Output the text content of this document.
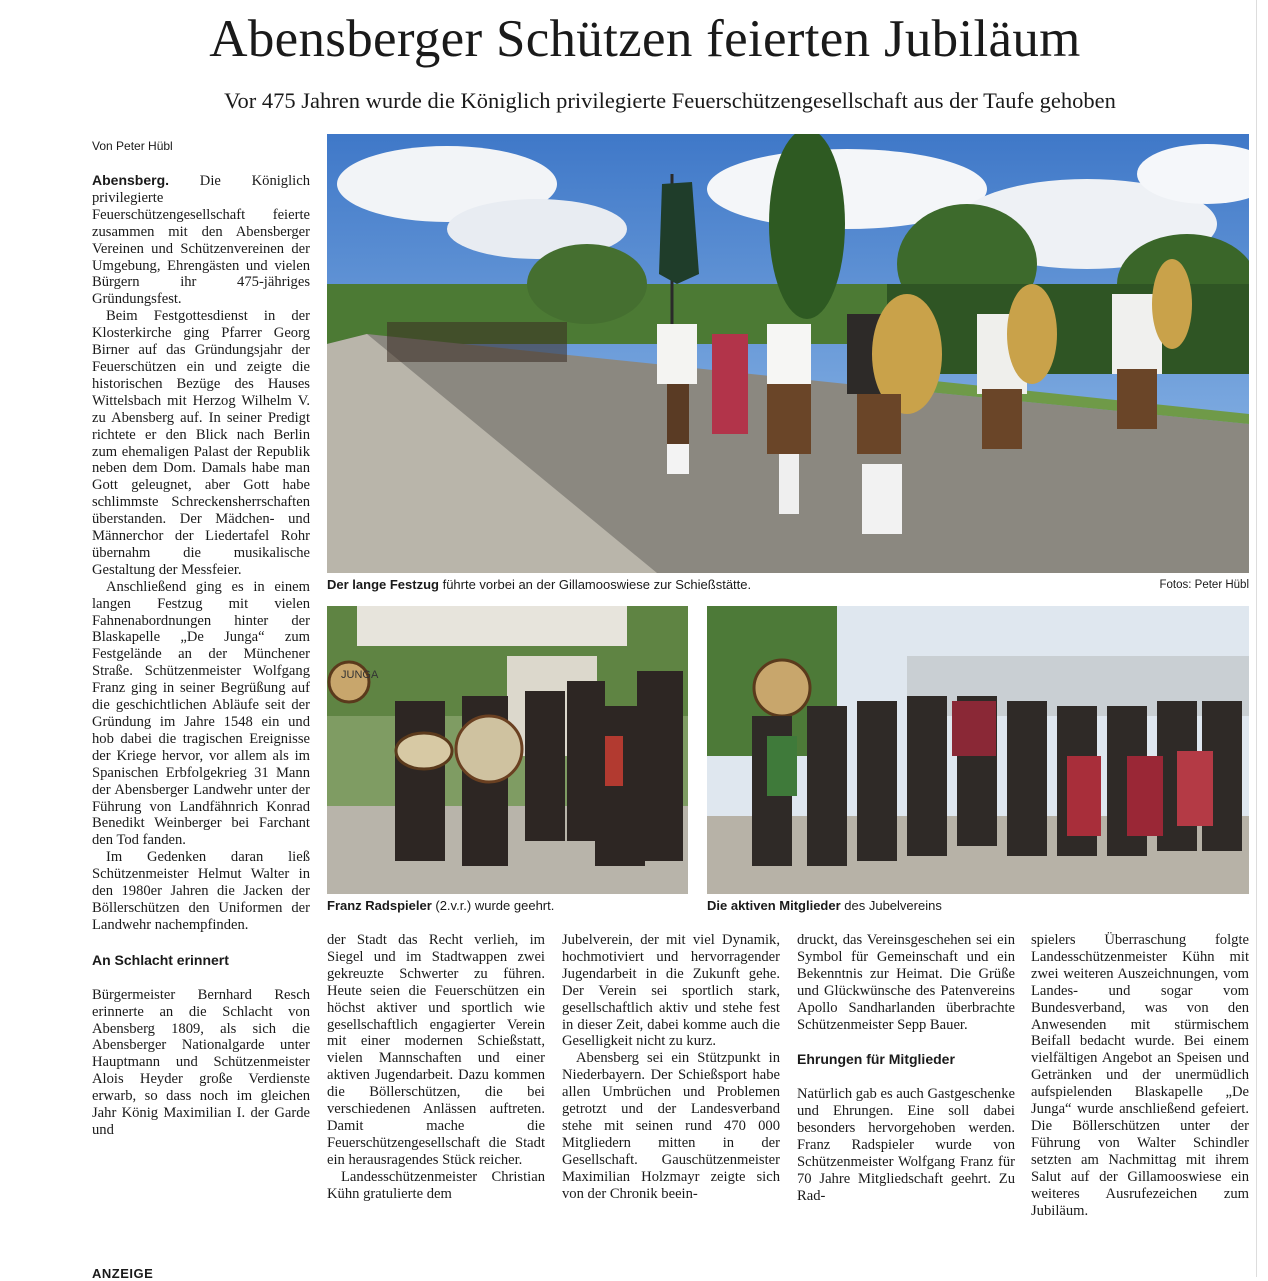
Abensberger Schützen feierten Jubiläum
Vor 475 Jahren wurde die Königlich privilegierte Feuerschützengesellschaft aus der Taufe gehoben
Von Peter Hübl
Der lange Festzug führte vorbei an der Gillamooswiese zur Schießstätte.	Fotos: Peter Hübl
JUNGA
Franz Radspieler (2.v.r.) wurde geehrt.	Die aktiven Mitglieder des Jubelvereins

Abensberg. Die Königlich privilegierte Feuerschützengesellschaft feierte zusammen mit den Abensberger Vereinen und Schützenvereinen der Umgebung, Ehrengästen und vielen Bürgern ihr 475-jähriges Gründungsfest.

Beim Festgottesdienst in der Klosterkirche ging Pfarrer Georg Birner auf das Gründungsjahr der Feuerschützen ein und zeigte die historischen Bezüge des Hauses Wittelsbach mit Herzog Wilhelm V. zu Abensberg auf. In seiner Predigt richtete er den Blick nach Berlin zum ehemaligen Palast der Republik neben dem Dom. Damals habe man Gott geleugnet, aber Gott habe schlimmste Schreckensherrschaften überstanden. Der Mädchen- und Männerchor der Liedertafel Rohr übernahm die musikalische Gestaltung der Messfeier.

Anschließend ging es in einem langen Festzug mit vielen Fahnenabordnungen hinter der Blaskapelle „De Junga“ zum Festgelände an der Münchener Straße. Schützenmeister Wolfgang Franz ging in seiner Begrüßung auf die geschichtlichen Abläufe seit der Gründung im Jahre 1548 ein und hob dabei die tragischen Ereignisse der Kriege hervor, vor allem als im Spanischen Erbfolgekrieg 31 Mann der Abensberger Landwehr unter der Führung von Landfähnrich Konrad Benedikt Weinberger bei Farchant den Tod fanden.

Im Gedenken daran ließ Schützenmeister Helmut Walter in den 1980er Jahren die Jacken der Böllerschützen den Uniformen der Landwehr nachempfinden.

An Schlacht erinnert

Bürgermeister Bernhard Resch erinnerte an die Schlacht von Abensberg 1809, als sich die Abensberger Nationalgarde unter Hauptmann und Schützenmeister Alois Heyder große Verdienste erwarb, so dass noch im gleichen Jahr König Maximilian I. der Garde und

der Stadt das Recht verlieh, im Siegel und im Stadtwappen zwei gekreuzte Schwerter zu führen. Heute seien die Feuerschützen ein höchst aktiver und sportlich wie gesellschaftlich engagierter Verein mit einer modernen Schießstatt, vielen Mannschaften und einer aktiven Jugendarbeit. Dazu kommen die Böllerschützen, die bei verschiedenen Anlässen auftreten. Damit mache die Feuerschützengesellschaft die Stadt ein herausragendes Stück reicher.

Landesschützenmeister Christian Kühn gratulierte dem

Jubelverein, der mit viel Dynamik, hochmotiviert und hervorragender Jugendarbeit in die Zukunft gehe. Der Verein sei sportlich stark, gesellschaftlich aktiv und stehe fest in dieser Zeit, dabei komme auch die Geselligkeit nicht zu kurz.

Abensberg sei ein Stützpunkt in Niederbayern. Der Schießsport habe allen Umbrüchen und Problemen getrotzt und der Landesverband stehe mit seinen rund 470 000 Mitgliedern mitten in der Gesellschaft. Gauschützenmeister Maximilian Holzmayr zeigte sich von der Chronik beein-

druckt, das Vereinsgeschehen sei ein Symbol für Gemeinschaft und ein Bekenntnis zur Heimat. Die Grüße und Glückwünsche des Patenvereins Apollo Sandharlanden überbrachte Schützenmeister Sepp Bauer.

Ehrungen für Mitglieder

Natürlich gab es auch Gastgeschenke und Ehrungen. Eine soll dabei besonders hervorgehoben werden. Franz Radspieler wurde von Schützenmeister Wolfgang Franz für 70 Jahre Mitgliedschaft geehrt. Zu Rad-

spielers Überraschung folgte Landesschützenmeister Kühn mit zwei weiteren Auszeichnungen, vom Landes- und sogar vom Bundesverband, was von den Anwesenden mit stürmischem Beifall bedacht wurde. Bei einem vielfältigen Angebot an Speisen und Getränken und der unermüdlich aufspielenden Blaskapelle „De Junga“ wurde anschließend gefeiert. Die Böllerschützen unter der Führung von Walter Schindler setzten am Nachmittag mit ihrem Salut auf der Gillamooswiese ein weiteres Ausrufezeichen zum Jubiläum.

ANZEIGE
